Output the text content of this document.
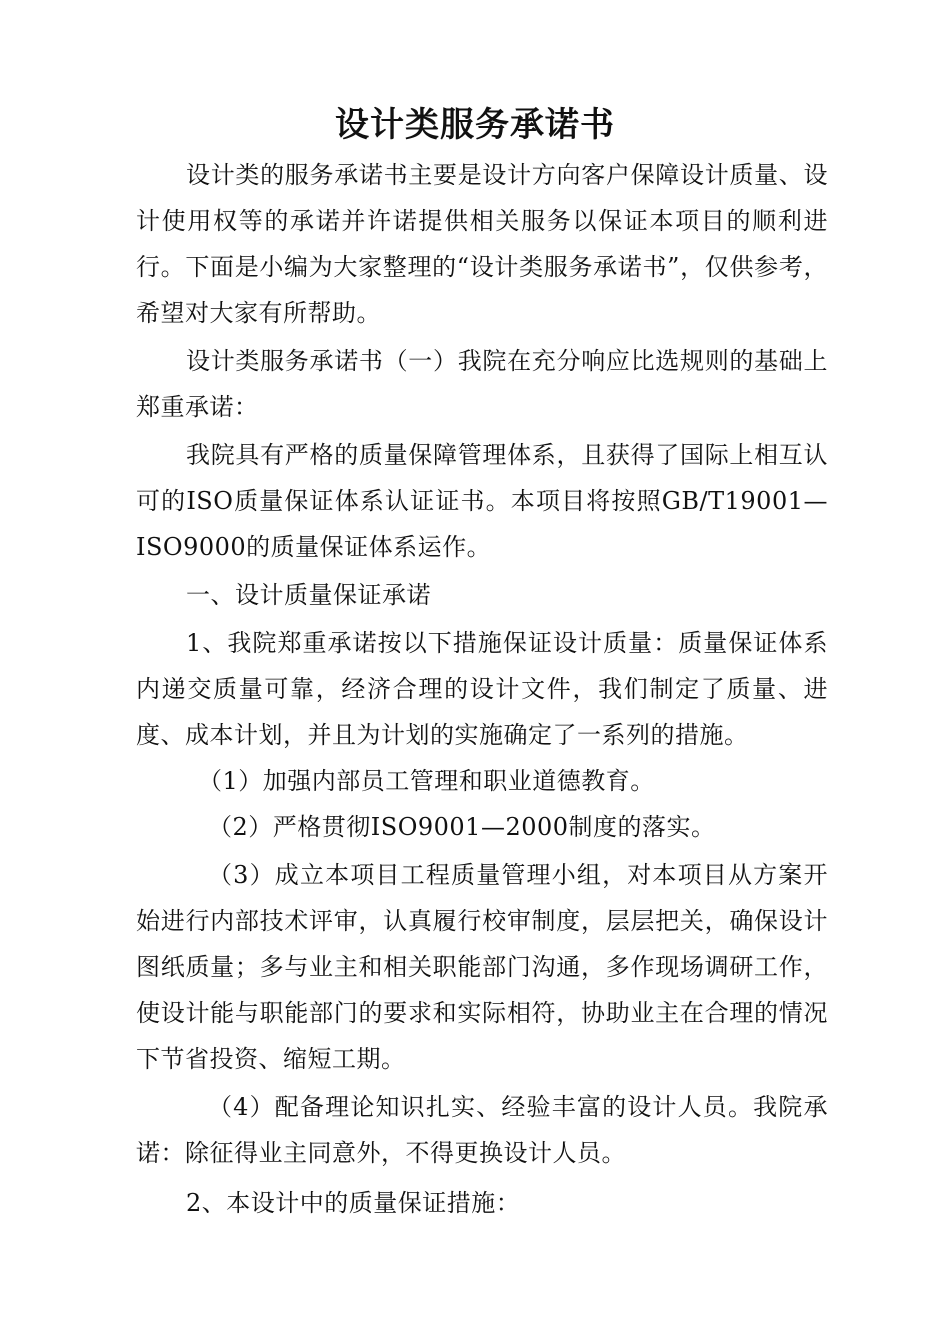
设计类服务承诺书

设计类的服务承诺书主要是设计方向客户保障设计质量、设计使用权等的承诺并许诺提供相关服务以保证本项目的顺利进行。下面是小编为大家整理的“设计类服务承诺书”，仅供参考，希望对大家有所帮助。

设计类服务承诺书（一）我院在充分响应比选规则的基础上郑重承诺：

我院具有严格的质量保障管理体系，且获得了国际上相互认可的ISO质量保证体系认证证书。本项目将按照GB/T19001—ISO9000的质量保证体系运作。

一、设计质量保证承诺

1、我院郑重承诺按以下措施保证设计质量：质量保证体系内递交质量可靠，经济合理的设计文件，我们制定了质量、进度、成本计划，并且为计划的实施确定了一系列的措施。

（1）加强内部员工管理和职业道德教育。

（2）严格贯彻ISO9001—2000制度的落实。

（3）成立本项目工程质量管理小组，对本项目从方案开始进行内部技术评审，认真履行校审制度，层层把关，确保设计图纸质量；多与业主和相关职能部门沟通，多作现场调研工作，使设计能与职能部门的要求和实际相符，协助业主在合理的情况下节省投资、缩短工期。

（4）配备理论知识扎实、经验丰富的设计人员。我院承诺：除征得业主同意外，不得更换设计人员。

2、本设计中的质量保证措施：
